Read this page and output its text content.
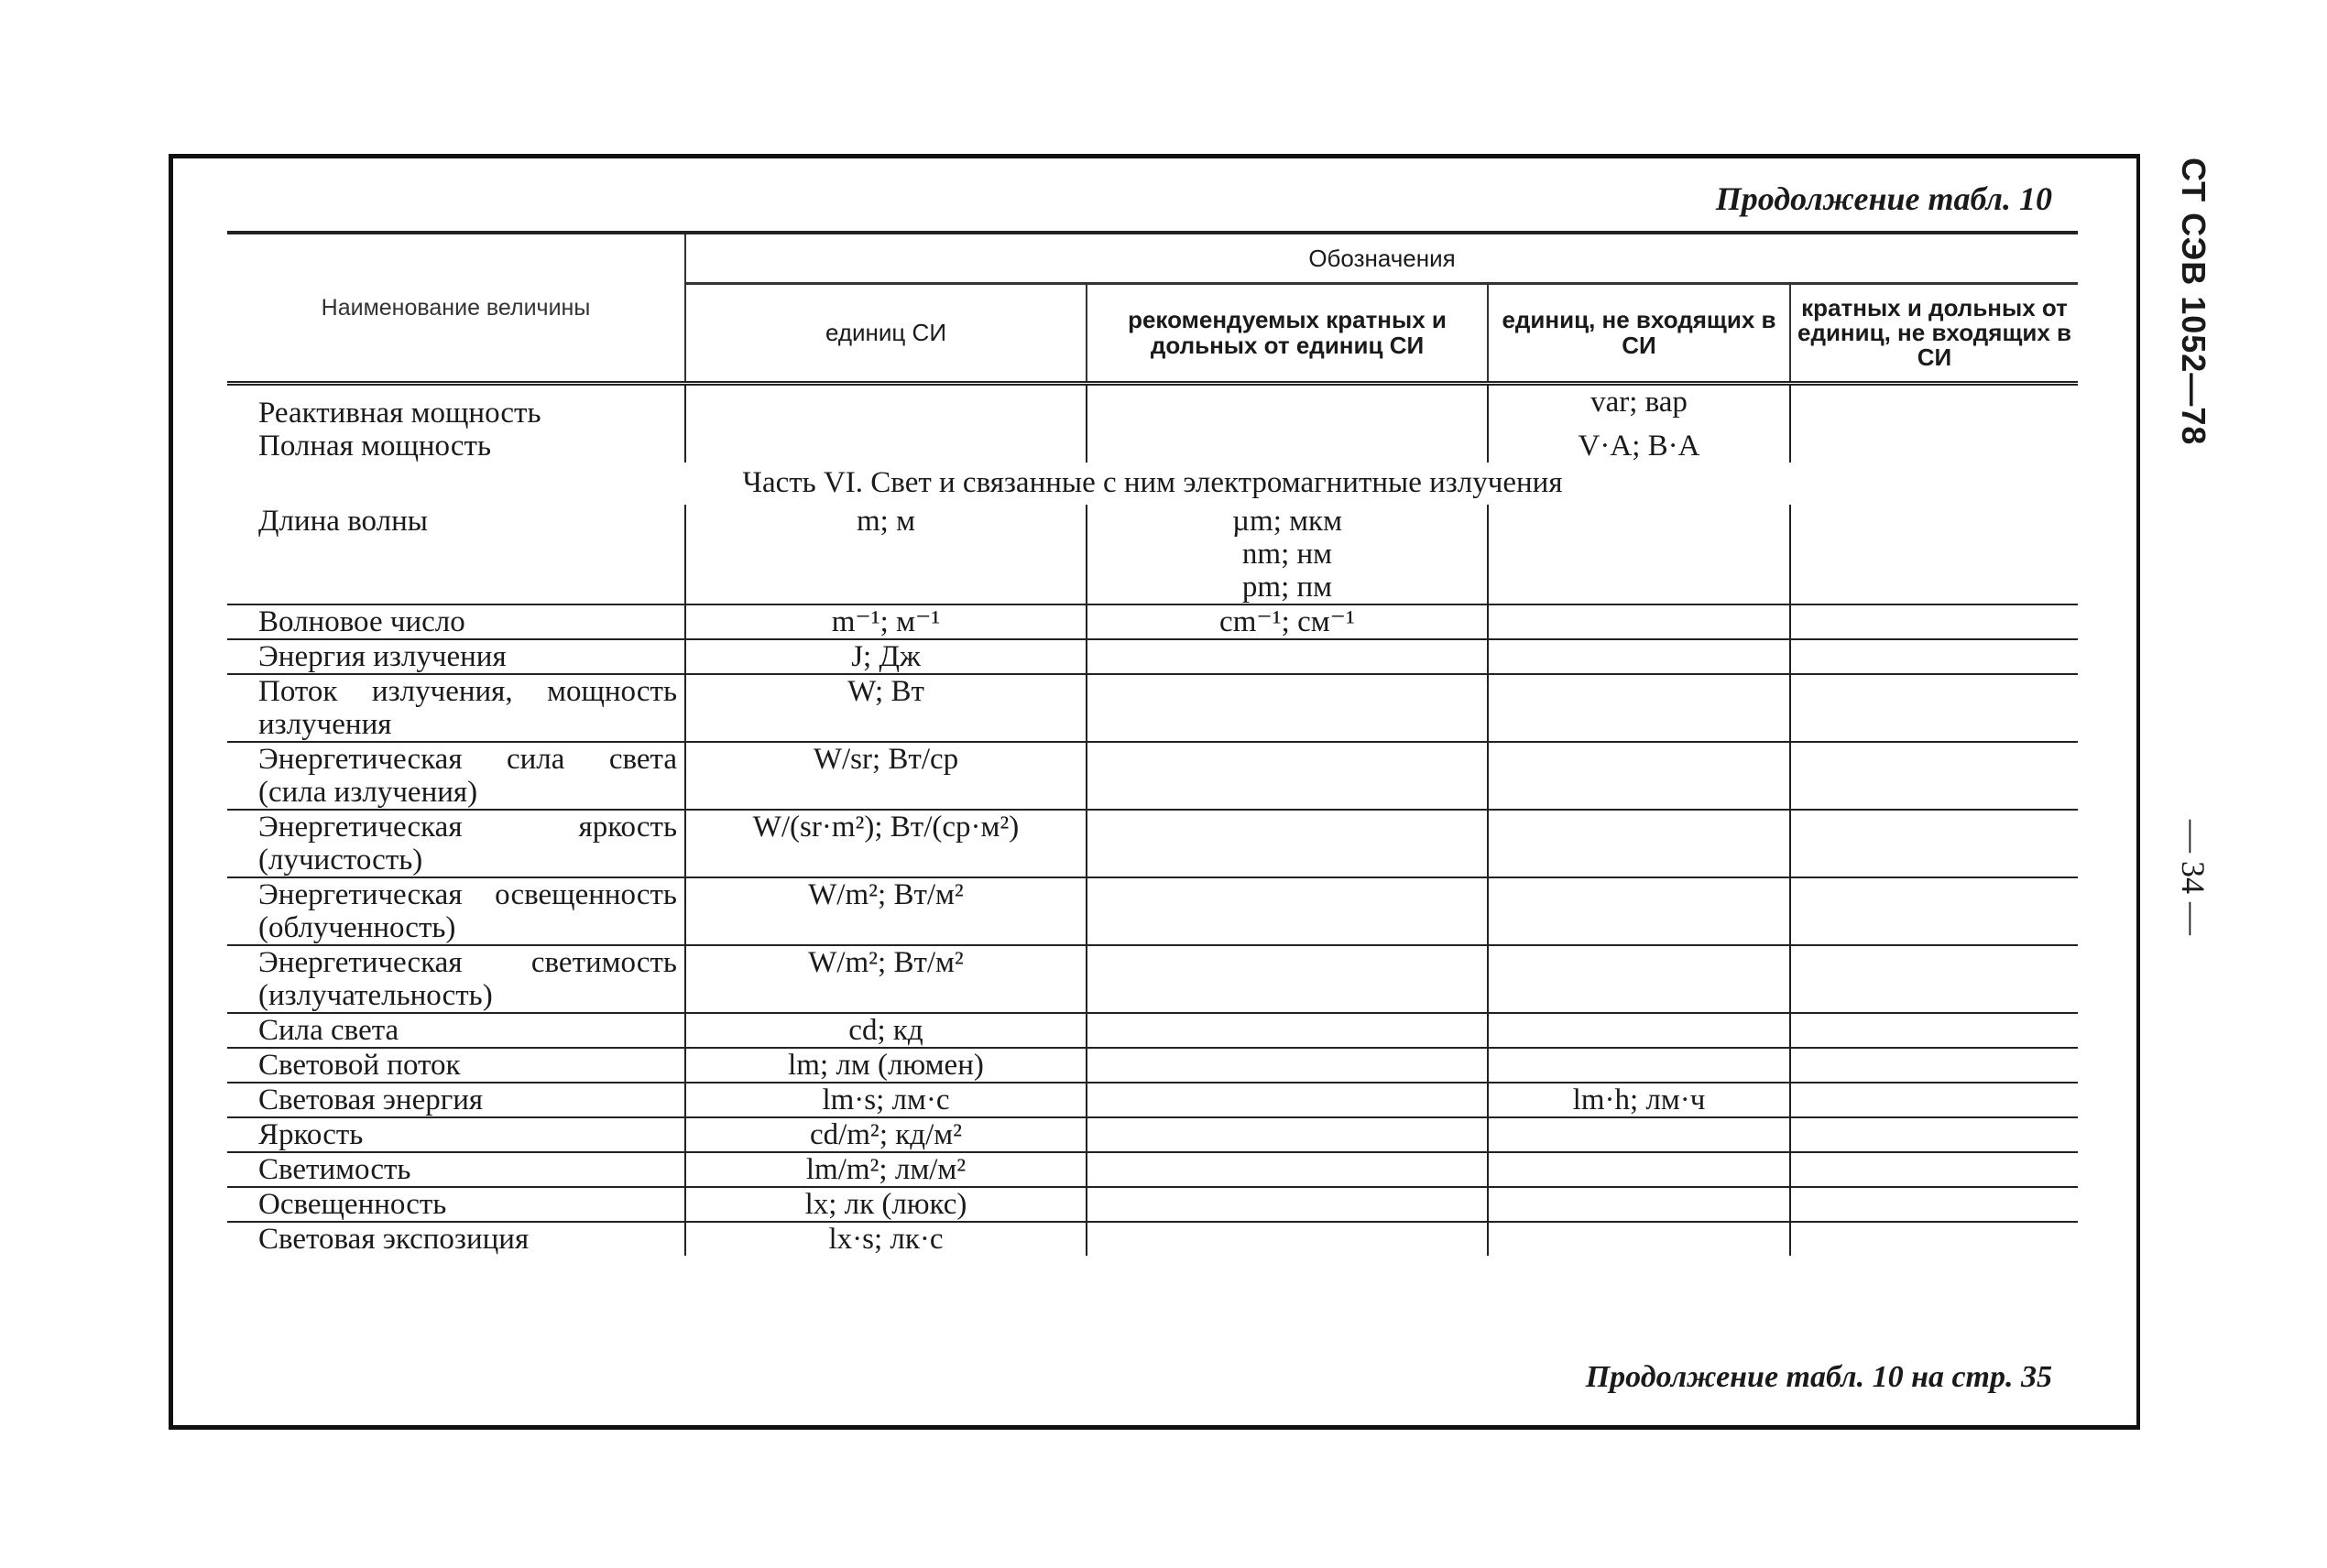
СТ СЭВ 1052—78
— 34 —
Продолжение табл. 10
Наименование величины	Обозначения			
	единиц СИ	рекомендуемых кратных и дольных от единиц СИ	единиц, не входящих в СИ	кратных и дольных от единиц, не входящих в СИ
Реактивная мощность			var; вар	
Полная мощность			V·A; В·А	
Часть VI. Свет и связанные с ним электромагнитные излучения				
Длина волны	m; м	µm; мкм
nm; нм
pm; пм		
Волновое число	m⁻¹; м⁻¹	cm⁻¹; см⁻¹		
Энергия излучения	J; Дж			
Поток излучения, мощность излучения	W; Вт			
Энергетическая сила света (сила излучения)	W/sr; Вт/ср			
Энергетическая яркость (лучистость)	W/(sr·m²); Вт/(ср·м²)			
Энергетическая освещенность (облученность)	W/m²; Вт/м²			
Энергетическая светимость (излучательность)	W/m²; Вт/м²			
Сила света	cd; кд			
Световой поток	lm; лм (люмен)			
Световая энергия	lm·s; лм·с		lm·h; лм·ч	
Яркость	cd/m²; кд/м²			
Светимость	lm/m²; лм/м²			
Освещенность	lx; лк (люкс)			
Световая экспозиция	lx·s; лк·с			
Продолжение табл. 10 на стр. 35
